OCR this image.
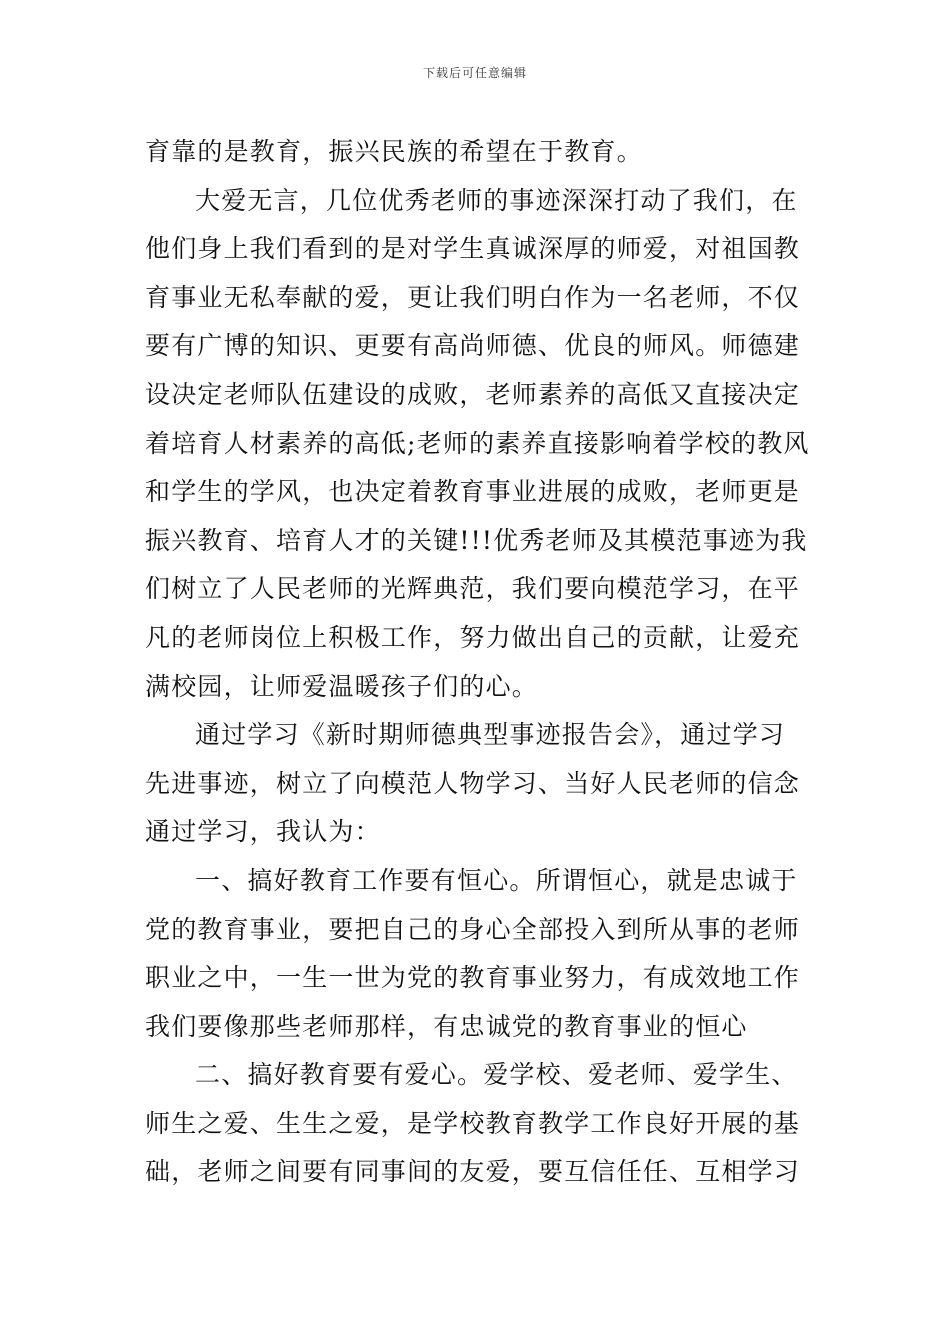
下载后可任意编辑
育靠的是教育，振兴民族的希望在于教育。
大爱无言，几位优秀老师的事迹深深打动了我们，在
他们身上我们看到的是对学生真诚深厚的师爱，对祖国教
育事业无私奉献的爱，更让我们明白作为一名老师，不仅
要有广博的知识、更要有高尚师德、优良的师风。师德建
设决定老师队伍建设的成败，老师素养的高低又直接决定
着培育人材素养的高低;老师的素养直接影响着学校的教风
和学生的学风，也决定着教育事业进展的成败，老师更是
振兴教育、培育人才的关键!!!优秀老师及其模范事迹为我
们树立了人民老师的光辉典范，我们要向模范学习，在平
凡的老师岗位上积极工作，努力做出自己的贡献，让爱充
满校园，让师爱温暖孩子们的心。
通过学习《新时期师德典型事迹报告会》，通过学习
先进事迹，树立了向模范人物学习、当好人民老师的信念
通过学习，我认为：
一、搞好教育工作要有恒心。所谓恒心，就是忠诚于
党的教育事业，要把自己的身心全部投入到所从事的老师
职业之中，一生一世为党的教育事业努力，有成效地工作
我们要像那些老师那样，有忠诚党的教育事业的恒心
二、搞好教育要有爱心。爱学校、爱老师、爱学生、
师生之爱、生生之爱，是学校教育教学工作良好开展的基
础，老师之间要有同事间的友爱，要互信任任、互相学习
